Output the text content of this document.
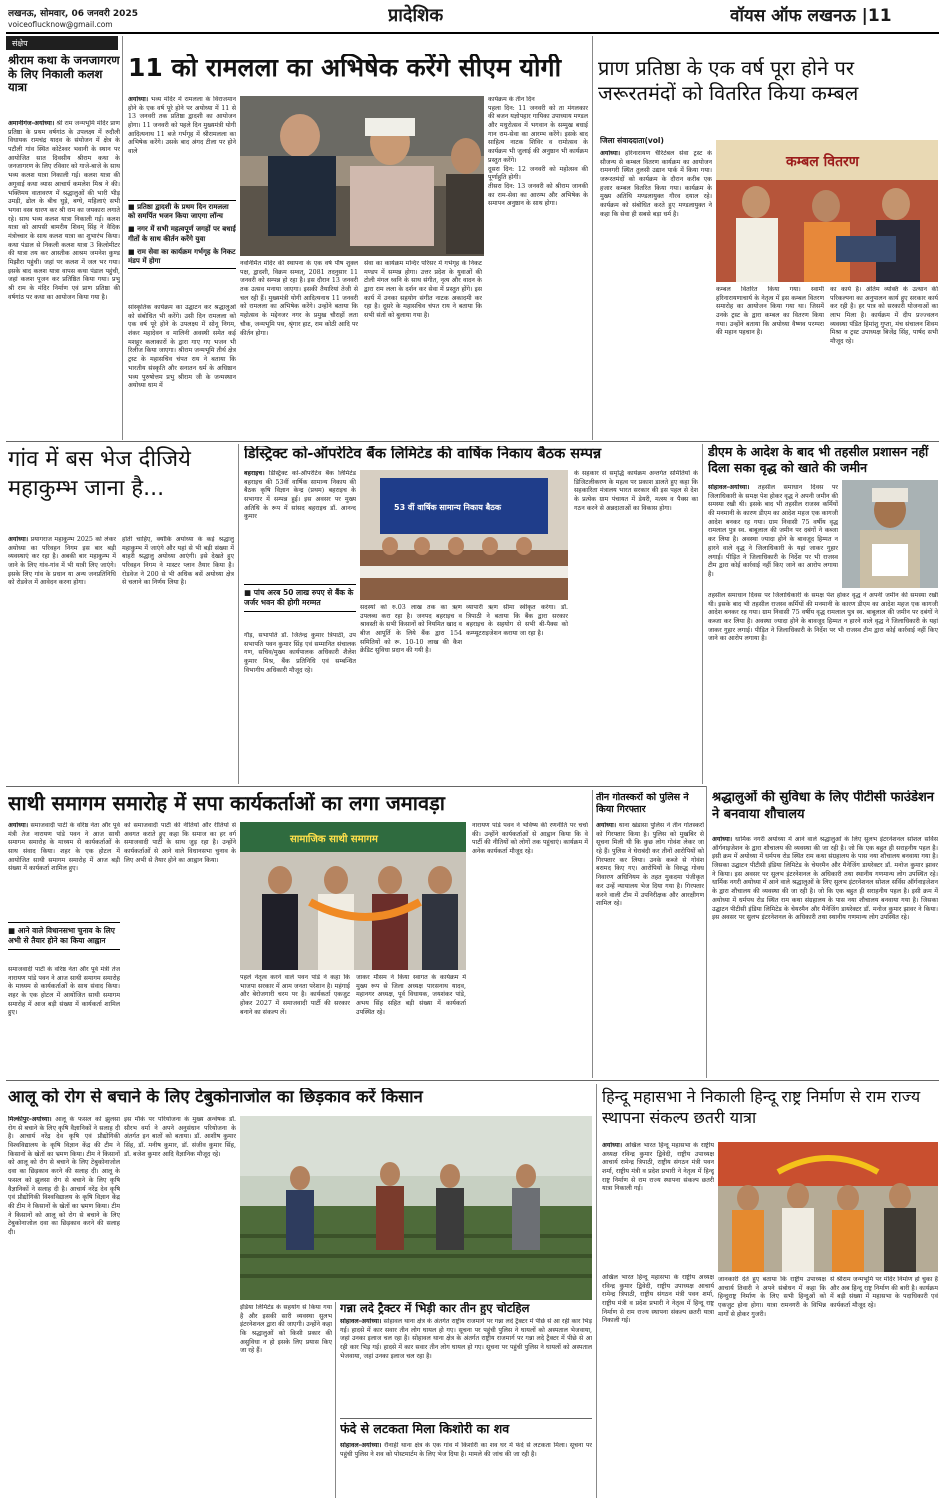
लखनऊ, सोमवार, 06 जनवरी 2025
voiceoflucknow@gmail.com	प्रादेशिक	वॉयस ऑफ लखनऊ |11
संक्षेप
श्रीराम कथा के जनजागरण के लिए निकाली कलश यात्रा
अमानीगंज-अयोध्या। श्री राम जन्मभूमि मंदिर प्राण प्रतिष्ठा के प्रथम वर्षगांठ के उपलक्ष्य में रुदौली विधायक रामचंद्र यादव के संयोजन में क्षेत्र के पटौली गांव स्थित कोटेश्वर भवानी के स्थान पर आयोजित सात दिवसीय श्रीराम कथा के जनजागरण के लिए रविवार को गाजे-बाजे के साथ भव्य कलश यात्रा निकाली गई। कलश यात्रा की अगुवाई कथा व्यास आचार्य कमलेश मिश्र ने की। भक्तिमय वातावरण में श्रद्धालुओं की भारी भीड़ उमड़ी, ढोल के बीच घुड़े, बग्घे, महिलाएं सभी भगवा वस्त्र धारण कर श्री राम का जयकारा लगाते रहे। साथ भव्य कलश यात्रा निकाली गई। कलश यात्रा को आपसी बामरीय शिवम् सिंह ने वैदिक मंत्रोच्चार के साथ कलश यात्रा का शुभारंभ किया। कथा पंडाल से निकली कलश यात्रा 3 किलोमीटर की यात्रा तय कर आस्तीक आश्रम जमनेश कुण्ड मिझौरा पहुंची। जहां पर कलश में जल भर गया। इसके बाद कलश यात्रा वापस कथा पंडाल पहुंची, जहां कलश पूजन कर प्रतिष्ठित किया गया। प्रभु श्री राम के मंदिर निर्माण एवं प्राण प्रतिष्ठा की वर्षगांठ पर कथा का आयोजन किया गया है।
11 को रामलला का अभिषेक करेंगे सीएम योगी
अयोध्या। भव्य मंदिर में रामलला के विराजमान होने के एक वर्ष पूरे होने पर अयोध्या में 11 से 13 जनवरी तक प्रतिष्ठा द्वादशी का आयोजन होगा। 11 जनवरी को पहले दिन मुख्यमंत्री योगी आदित्यनाथ 11 बजे गर्भगृह में श्रीरामलला का अभिषेक करेंगे। उसके बाद अंगद टीला पर होने वाले
■ प्रतिष्ठा द्वादशी के प्रथम दिन रामलला को समर्पित भजन किया जाएगा लॉन्च
■ नगर में सभी महत्वपूर्ण जगहों पर बधाई गीतों के साथ कीर्तन करेंगे युवा
■ राम सेवा का कार्यक्रम गर्भगृह के निकट मंडप में होगा
सांस्कृतिक कार्यक्रम का उद्घाटन कर श्रद्धालुओं को संबोधित भी करेंगे। उसी दिन रामलला को एक वर्ष पूरे होने के उपलक्ष्य में सोनू निगम, शंकर महादेवन व मालिनी अवस्थी समेत कई मशहूर कलाकारों के द्वारा गाए गए भजन भी रिलीज किया जाएगा। श्रीराम जन्मभूमि तीर्थ क्षेत्र ट्रस्ट के महासचिव चंपत राय ने बताया कि भारतीय संस्कृति और सनातन धर्म के अधिष्ठान भव्य पुरुषोत्तम प्रभु श्रीराम जी के जन्मस्थान अयोध्या धाम में
नवनिर्मित मंदिर की स्थापना के एक वर्ष पौष शुक्ल पक्ष, द्वादशी, विक्रम सम्वत्, 2081 तदनुसार 11 जनवरी को सम्पन्न हो रहा है। इस दौरान 13 जनवरी तक उत्सव मनाया जाएगा। इसकी तैयारियां तेजी से चल रही हैं। मुख्यमंत्री योगी आदित्यनाथ 11 जनवरी को रामलला का अभिषेक करेंगे। उन्होंने बताया कि महोत्सव के मद्देनजर नगर के प्रमुख चौराहों लता चौक, जन्मभूमि पथ, श्रृंगार हाट, राम कोठी आदि पर कीर्तन होगा।
सेवा का कार्यक्रम मन्दिर परिसर में गर्भगृह के निकट मण्डप में सम्पन्न होगा। उत्तर प्रदेश के युवाओं की टोली मंगल ध्वनि के साथ संगीत, नृत्य और वादन के द्वारा राम लला के दर्शन कर सेवा में प्रस्तुत होंगे। इस कार्य में उनका सहयोग संगीत नाटक अकादमी कर रहा है। दूसरे के महासचिव चंपत राय ने बताया कि सभी संतों को बुलाया गया है।
कार्यक्रम के तीन दिन
पहला दिन: 11 जनवरी को ता मंगलकार की बजन यज्ञोपहार गायिका उपाध्याय मण्डल और मधुरोत्सव में भगवान के सम्मुख बधाई गान राम-सेवा का आरम्भ करेंगे। इसके बाद साहित्य नाटक शिविर व रामोत्सव के कार्यक्रम भी जुलाई की अनुष्ठान भी कार्यक्रम प्रस्तुत करेंगे।
दूसरा दिन: 12 जनवरी को महोत्सव की पूर्णाहुति होगी।
तीसरा दिन: 13 जनवरी को श्रीराम जानकी का राम-सेवा का आरम्भ और अभिषेक के समापन अनुष्ठान के साथ होगा।
प्राण प्रतिष्ठा के एक वर्ष पूरा होने पर जरूरतमंदों को वितरित किया कम्बल
जिला संवाददाता(vol)
अयोध्या। हरिनारायण चैरिटेबल सेवा ट्रस्ट के सौजन्य से कम्बल वितरण कार्यक्रम का आयोजन रामनगरी स्थित तुलसी उद्यान पार्क में किया गया। जरूरतमंदों को कार्यक्रम के दौरान करीब एक हजार कम्बल वितरित किया गया। कार्यक्रम के मुख्य अतिथि मण्डलायुक्त गौरव दयाल रहे। कार्यक्रम को संबोधित करते हुए मण्डलायुक्त ने कहा कि सेवा ही सबसे बड़ा धर्म है।
कम्बल वितरण
कम्बल वितरित किया गया। स्वामी हरिनारायणाचार्य के नेतृत्व में इस कम्बल वितरण समारोह का आयोजन किया गया था। जिसमें उनके ट्रस्ट के द्वारा कम्बल का वितरण किया गया। उन्होंने बताया कि अयोध्या वैष्णव परम्परा की महान पहचान है।
का कार्य है। अंतिम व्यक्ति के उत्थान की परिकल्पना का अनुपालन कार्य हुए सरकार कार्य कर रही है। हर पात्र को सरकारी योजनाओं का लाभ मिला है। कार्यक्रम में दीप प्रज्ज्वलन व्यवस्था पंडित हिमांशु गुप्ता, मंच संचालन शिवम मिश्रा व ट्रस्ट उपाध्यक्ष बिजेंद्र सिंह, पार्षद सभी मौजूद रहे।
गांव में बस भेज दीजिये महाकुम्भ जाना है...
अयोध्या। प्रयागराज महाकुम्भ 2025 को लेकर अयोध्या का परिवहन निगम इस बार बड़ी व्यवस्थाएं कर रहा है। अबकी बार महाकुम्भ में जाने के लिए गांव-गांव में भी यात्री लिए जाएंगे। इसके लिए गांव के प्रधान या अन्य जनप्रतिनिधि को रोडवेज में आवेदन करना होगा।
होती चाहिए, क्योंकि अयोध्या के कई श्रद्धालु महाकुम्भ में जाएंगे और यहां से भी बड़ी संख्या में बाहरी श्रद्धालु अयोध्या आएंगी। इसे देखते हुए परिवहन निगम ने मास्टर प्लान तैयार किया है। रोडवेज ने 200 से भी अधिक बसें अयोध्या क्षेत्र से चलाने का निर्णय लिया है।
डिस्ट्रिक्ट को-ऑपरेटिव बैंक लिमिटेड की वार्षिक निकाय बैठक सम्पन्न
बहराइच। डिस्ट्रिक्ट को-ऑपरेटिव बैंक लिमिटेड बहराइच की 53वीं वार्षिक सामान्य निकाय की बैठक कृषि विज्ञान केन्द्र (प्रथम) बहराइच के सभागार में सम्पन्न हुई। इस अवसर पर मुख्य अतिथि के रूप में सांसद बहराइच डॉ. आनन्द कुमार
■ पांच अरब 50 लाख रुपए से बैंक के जर्जर भवन की होगी मरम्मत
गौड़, सभापति डॉ. जितेन्द्र कुमार त्रिपाठी, उप सभापति पवन कुमार सिंह एवं सम्मानित संचालक गण, सचिव/मुख्य कार्यपालक अधिकारी शैलेश कुमार मिश्र, बैंक प्रतिनिधि एवं सम्बन्धित विभागीय अधिकारी मौजूद रहे।
53 वीं वार्षिक सामान्य निकाय बैठक
सदस्यों को रु.03 लाख तक का ऋण उपलब्ध करा रहा है। जनपद बहराइच व श्रावस्ती के सभी किसानों को नियमित खाद व बीज आपूर्ति के लिये बैंक द्वारा 154 समितियों को रू. 10-10 लाख की कैश क्रेडिट सुविधा प्रदान की गयी है।
व्यापारी ऋण सीमा स्वीकृत करेगा। डॉ. त्रिपाठी ने बताया कि बैंक द्वारा सरकार बहराइच के सहयोग से सभी बी-पैक्स को कम्प्यूटराइजेशन कराया जा रहा है।
के सहकार से समृद्धि कार्यक्रम अन्तर्गत समितियों के डिजिटलीकरण के महत्व पर प्रकाश डालते हुए कहा कि सहकारिता मंत्रालय भारत सरकार की इस पहल से देश के प्रत्येक ग्राम पंचायत में डेयरी, मत्स्य व पैक्स का गठन करने से अन्नदाताओं का विकास होगा।
डीएम के आदेश के बाद भी तहसील प्रशासन नहीं दिला सका वृद्ध को खाते की जमीन
सोहावल-अयोध्या। तहसील समाधान दिवस पर जिलाधिकारी के समक्ष पेश होकर वृद्ध ने अपनी जमीन की समस्या रखी थी। इसके बाद भी तहसील राजस्व कर्मियों की मनमानी के कारण डीएम का आदेश महज एक कागजी आदेश बनकर रह गया। ग्राम निवासी 75 वर्षीय वृद्ध रामलाल पुत्र स्व. बाबूलाल की जमीन पर दबंगों ने कब्जा कर लिया है। अवस्था ज्यादा होने के बावजूद हिम्मत न हारने वाले वृद्ध ने जिलाधिकारी के यहां जाकर गुहार लगाई। पीड़ित ने जिलाधिकारी के निर्देश पर भी राजस्व टीम द्वारा कोई कार्रवाई नहीं किए जाने का आरोप लगाया है।
तहसील समाधान दिवस पर जिलाधिकारी के समक्ष पेश होकर वृद्ध ने अपनी जमीन की समस्या रखी थी। इसके बाद भी तहसील राजस्व कर्मियों की मनमानी के कारण डीएम का आदेश महज एक कागजी आदेश बनकर रह गया। ग्राम निवासी 75 वर्षीय वृद्ध रामलाल पुत्र स्व. बाबूलाल की जमीन पर दबंगों ने कब्जा कर लिया है। अवस्था ज्यादा होने के बावजूद हिम्मत न हारने वाले वृद्ध ने जिलाधिकारी के यहां जाकर गुहार लगाई। पीड़ित ने जिलाधिकारी के निर्देश पर भी राजस्व टीम द्वारा कोई कार्रवाई नहीं किए जाने का आरोप लगाया है।
साथी समागम समारोह में सपा कार्यकर्ताओं का लगा जमावड़ा
अयोध्या। समाजवादी पार्टी के वरिष्ठ नेता और पूर्व मंत्री तेज नारायण पांडे पवन ने आज साथी समागम समारोह के माध्यम से कार्यकर्ताओं के साथ संवाद किया। शहर के एक होटल में आयोजित साथी समागम समारोह में आज बड़ी संख्या में कार्यकर्ता शामिल हुए।
■ आने वाले विधानसभा चुनाव के लिए अभी से तैयार होने का किया आह्वान
समाजवादी पार्टी के वरिष्ठ नेता और पूर्व मंत्री तेज नारायण पांडे पवन ने आज साथी समागम समारोह के माध्यम से कार्यकर्ताओं के साथ संवाद किया। शहर के एक होटल में आयोजित साथी समागम समारोह में आज बड़ी संख्या में कार्यकर्ता शामिल हुए।
को समाजवादी पार्टी की नीतियों और रीतियों से अवगत कराते हुए कहा कि समाज का हर वर्ग समाजवादी पार्टी के साथ जुड़ रहा है। उन्होंने कार्यकर्ताओं से आने वाले विधानसभा चुनाव के लिए अभी से तैयार होने का आह्वान किया।
सामाजिक साथी समागम
पहले नेतृत्व करने वाले पवन पांडे ने कहा कि भाजपा सरकार में आम जनता परेशान है। महंगाई और बेरोजगारी चरम पर है। कार्यकर्ता एकजुट होकर 2027 में समाजवादी पार्टी की सरकार बनाने का संकल्प लें।
जाकर मौसम ने किया स्वागत के कार्यक्रम में मुख्य रूप से जिला अध्यक्ष पारसनाथ यादव, महानगर अध्यक्ष, पूर्व विधायक, जयशंकर पांडे, अभय सिंह सहित बड़ी संख्या में कार्यकर्ता उपस्थित रहे।
नारायण पांडे पवन ने भविष्य की रणनीति पर चर्चा की। उन्होंने कार्यकर्ताओं से आह्वान किया कि वे पार्टी की नीतियों को लोगों तक पहुंचाएं। कार्यक्रम में अनेक कार्यकर्ता मौजूद रहे।
तीन गोतस्करों को पुलिस ने किया गिरफ्तार
अयोध्या। थाना खंडासा पुलिस ने तीन गोतस्करों को गिरफ्तार किया है। पुलिस को मुखबिर से सूचना मिली थी कि कुछ लोग गोवंश लेकर जा रहे हैं। पुलिस ने घेराबंदी कर तीनों आरोपियों को गिरफ्तार कर लिया। उनके कब्जे से गोवंश बरामद किए गए। आरोपियों के विरुद्ध गोवध निवारण अधिनियम के तहत मुकदमा पंजीकृत कर उन्हें न्यायालय भेज दिया गया है। गिरफ्तार करने वाली टीम में उपनिरीक्षक और आरक्षीगण शामिल रहे।
श्रद्धालुओं की सुविधा के लिए पीटीसी फाउंडेशन ने बनवाया शौचालय
अयोध्या। धार्मिक नगरी अयोध्या में आने वाले श्रद्धालुओं के लिए सुलभ इंटरनेशनल सोशल सर्विस ऑर्गनाइजेशन के द्वारा शौचालय की व्यवस्था की जा रही है। जो कि एक बहुत ही सराहनीय पहल है। इसी क्रम में अयोध्या में धर्मपथ रोड स्थित राम कथा संग्रहालय के पास नया शौचालय बनवाया गया है। जिसका उद्घाटन पीटीसी इंडिया लिमिटेड के चेयरमैन और मैनेजिंग डायरेक्टर डॉ. मनोज कुमार झावर ने किया। इस अवसर पर सुलभ इंटरनेशनल के अधिकारी तथा स्थानीय गणमान्य लोग उपस्थित रहे। धार्मिक नगरी अयोध्या में आने वाले श्रद्धालुओं के लिए सुलभ इंटरनेशनल सोशल सर्विस ऑर्गनाइजेशन के द्वारा शौचालय की व्यवस्था की जा रही है। जो कि एक बहुत ही सराहनीय पहल है। इसी क्रम में अयोध्या में धर्मपथ रोड स्थित राम कथा संग्रहालय के पास नया शौचालय बनवाया गया है। जिसका उद्घाटन पीटीसी इंडिया लिमिटेड के चेयरमैन और मैनेजिंग डायरेक्टर डॉ. मनोज कुमार झावर ने किया। इस अवसर पर सुलभ इंटरनेशनल के अधिकारी तथा स्थानीय गणमान्य लोग उपस्थित रहे।
आलू को रोग से बचाने के लिए टेबुकोनाजोल का छिड़काव करें किसान
मिल्कीपुर-अयोध्या। आलू के फसल को झुलसा रोग से बचाने के लिए कृषि वैज्ञानिकों ने सलाह दी है। आचार्य नरेंद्र देव कृषि एवं प्रौद्योगिकी विश्वविद्यालय के कृषि विज्ञान केंद्र की टीम ने किसानों के खेतों का भ्रमण किया। टीम ने किसानों को आलू को रोग से बचाने के लिए टेबुकोनाजोल दवा का छिड़काव करने की सलाह दी। आलू के फसल को झुलसा रोग से बचाने के लिए कृषि वैज्ञानिकों ने सलाह दी है। आचार्य नरेंद्र देव कृषि एवं प्रौद्योगिकी विश्वविद्यालय के कृषि विज्ञान केंद्र की टीम ने किसानों के खेतों का भ्रमण किया। टीम ने किसानों को आलू को रोग से बचाने के लिए टेबुकोनाजोल दवा का छिड़काव करने की सलाह दी।
इस मौके पर परियोजना के मुख्य अन्वेषक डॉ. सौरभ वर्मा ने अपने अनुसंधान परियोजना के अंतर्गत इन बातों को बताया। डॉ. आशीष कुमार सिंह, डॉ. मनीष कुमार, डॉ. संजीव कुमार सिंह, डॉ. बजेश कुमार आदि वैज्ञानिक मौजूद रहे।
इंडिया लिमिटेड के सहयोग से किया गया है और इसकी सारी व्यवस्था सुलभ इंटरनेशनल द्वारा की जाएगी। उन्होंने कहा कि श्रद्धालुओं को किसी प्रकार की असुविधा न हो इसके लिए प्रयास किए जा रहे हैं।
गन्ना लदे ट्रैक्टर में भिड़ी कार तीन हुए चोटहिल
सोहावल-अयोध्या। सोहावल थाना क्षेत्र के अंतर्गत राष्ट्रीय राजमार्ग पर गन्ना लदे ट्रैक्टर में पीछे से आ रही कार भिड़ गई। हादसे में कार सवार तीन लोग घायल हो गए। सूचना पर पहुंची पुलिस ने घायलों को अस्पताल भेजवाया, जहां उनका इलाज चल रहा है। सोहावल थाना क्षेत्र के अंतर्गत राष्ट्रीय राजमार्ग पर गन्ना लदे ट्रैक्टर में पीछे से आ रही कार भिड़ गई। हादसे में कार सवार तीन लोग घायल हो गए। सूचना पर पहुंची पुलिस ने घायलों को अस्पताल भेजवाया, जहां उनका इलाज चल रहा है।
फंदे से लटकता मिला किशोरी का शव
सोहावल-अयोध्या। रौनाही थाना क्षेत्र के एक गांव में किशोरी का शव घर में फंदे से लटकता मिला। सूचना पर पहुंची पुलिस ने शव को पोस्टमार्टम के लिए भेज दिया है। मामले की जांच की जा रही है।
हिन्दू महासभा ने निकाली हिन्दू राष्ट्र निर्माण से राम राज्य स्थापना संकल्प छतरी यात्रा
अयोध्या। अखिल भारत हिन्दू महासभा के राष्ट्रीय अध्यक्ष रविन्द्र कुमार द्विवेदी, राष्ट्रीय उपाध्यक्ष आचार्य रामेन्द्र त्रिपाठी, राष्ट्रीय संगठन मंत्री पवन शर्मा, राष्ट्रीय मंत्री व प्रदेश प्रभारी ने नेतृत्व में हिन्दू राष्ट्र निर्माण से राम राज्य स्थापना संकल्प छतरी यात्रा निकाली गई।
अखिल भारत हिन्दू महासभा के राष्ट्रीय अध्यक्ष रविन्द्र कुमार द्विवेदी, राष्ट्रीय उपाध्यक्ष आचार्य रामेन्द्र त्रिपाठी, राष्ट्रीय संगठन मंत्री पवन शर्मा, राष्ट्रीय मंत्री व प्रदेश प्रभारी ने नेतृत्व में हिन्दू राष्ट्र निर्माण से राम राज्य स्थापना संकल्प छतरी यात्रा निकाली गई।
जानकारी देते हुए बताया कि राष्ट्रीय उपाध्यक्ष आचार्य तिवारी ने अपने संबोधन में कहा कि हिन्दुराष्ट्र निर्माण के लिए सभी हिन्दुओं को एकजुट होना होगा। यात्रा रामनगरी के विभिन्न मार्गों से होकर गुजरी।
से श्रीराम जन्मभूमि पर मंदिर निर्माण हो चुका है और अब हिन्दू राष्ट्र निर्माण की बारी है। कार्यक्रम में बड़ी संख्या में महासभा के पदाधिकारी एवं कार्यकर्ता मौजूद रहे।
